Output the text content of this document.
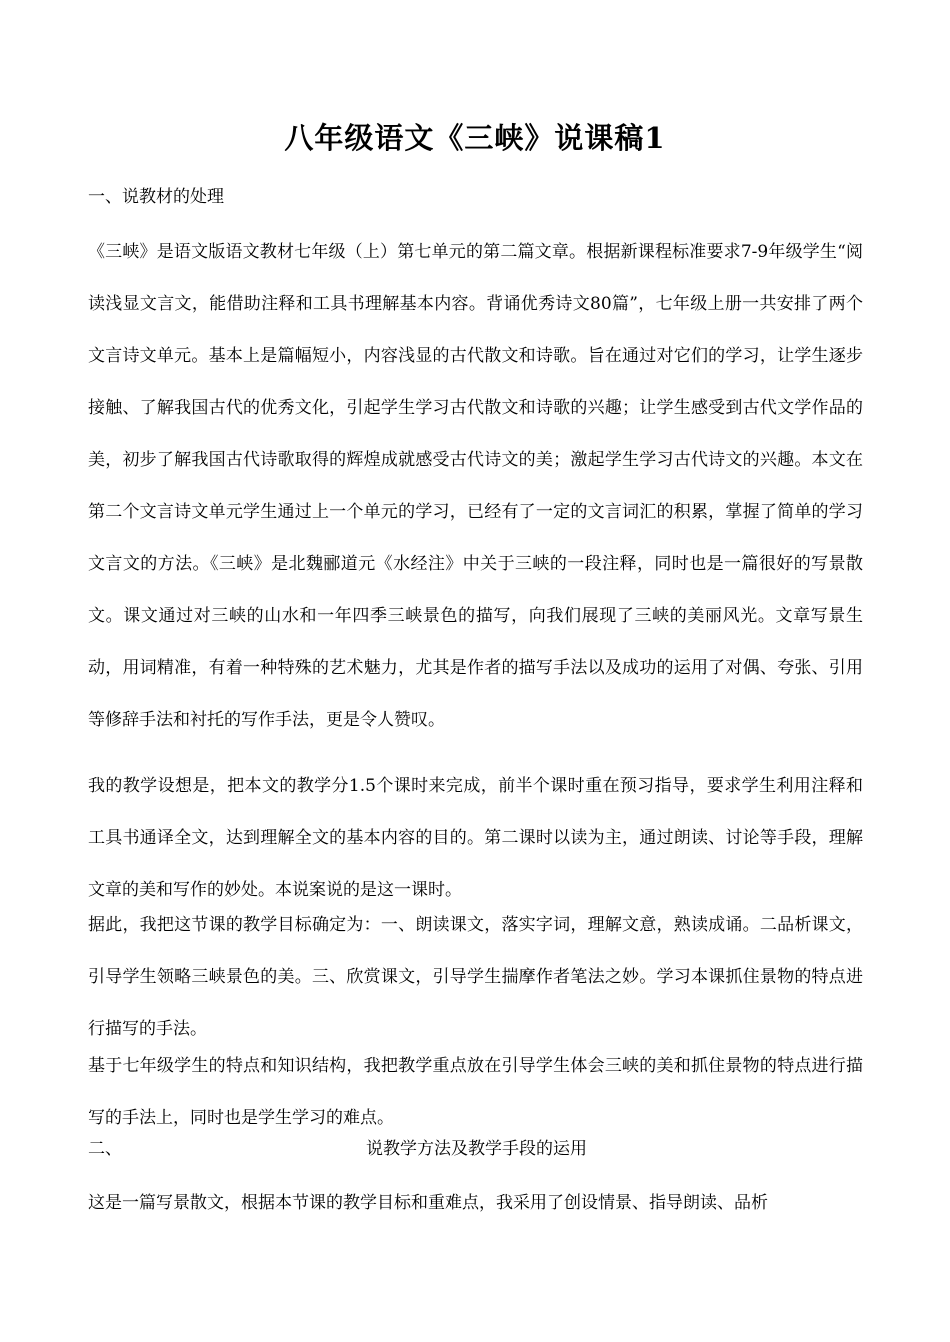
八年级语文《三峡》说课稿1
一、说教材的处理
《三峡》是语文版语文教材七年级（上）第七单元的第二篇文章。根据新课程标准要求7-9年级学生“阅读浅显文言文，能借助注释和工具书理解基本内容。背诵优秀诗文80篇”，七年级上册一共安排了两个文言诗文单元。基本上是篇幅短小，内容浅显的古代散文和诗歌。旨在通过对它们的学习，让学生逐步接触、了解我国古代的优秀文化，引起学生学习古代散文和诗歌的兴趣；让学生感受到古代文学作品的美，初步了解我国古代诗歌取得的辉煌成就感受古代诗文的美；激起学生学习古代诗文的兴趣。本文在第二个文言诗文单元学生通过上一个单元的学习，已经有了一定的文言词汇的积累，掌握了简单的学习文言文的方法。《三峡》是北魏郦道元《水经注》中关于三峡的一段注释，同时也是一篇很好的写景散文。课文通过对三峡的山水和一年四季三峡景色的描写，向我们展现了三峡的美丽风光。文章写景生动，用词精准，有着一种特殊的艺术魅力，尤其是作者的描写手法以及成功的运用了对偶、夸张、引用等修辞手法和衬托的写作手法，更是令人赞叹。
我的教学设想是，把本文的教学分1.5个课时来完成，前半个课时重在预习指导，要求学生利用注释和工具书通译全文，达到理解全文的基本内容的目的。第二课时以读为主，通过朗读、讨论等手段，理解文章的美和写作的妙处。本说案说的是这一课时。
据此，我把这节课的教学目标确定为：一、朗读课文，落实字词，理解文意，熟读成诵。二品析课文，引导学生领略三峡景色的美。三、欣赏课文，引导学生揣摩作者笔法之妙。学习本课抓住景物的特点进行描写的手法。
基于七年级学生的特点和知识结构，我把教学重点放在引导学生体会三峡的美和抓住景物的特点进行描写的手法上，同时也是学生学习的难点。
二、	说教学方法及教学手段的运用
这是一篇写景散文，根据本节课的教学目标和重难点，我采用了创设情景、指导朗读、品析
